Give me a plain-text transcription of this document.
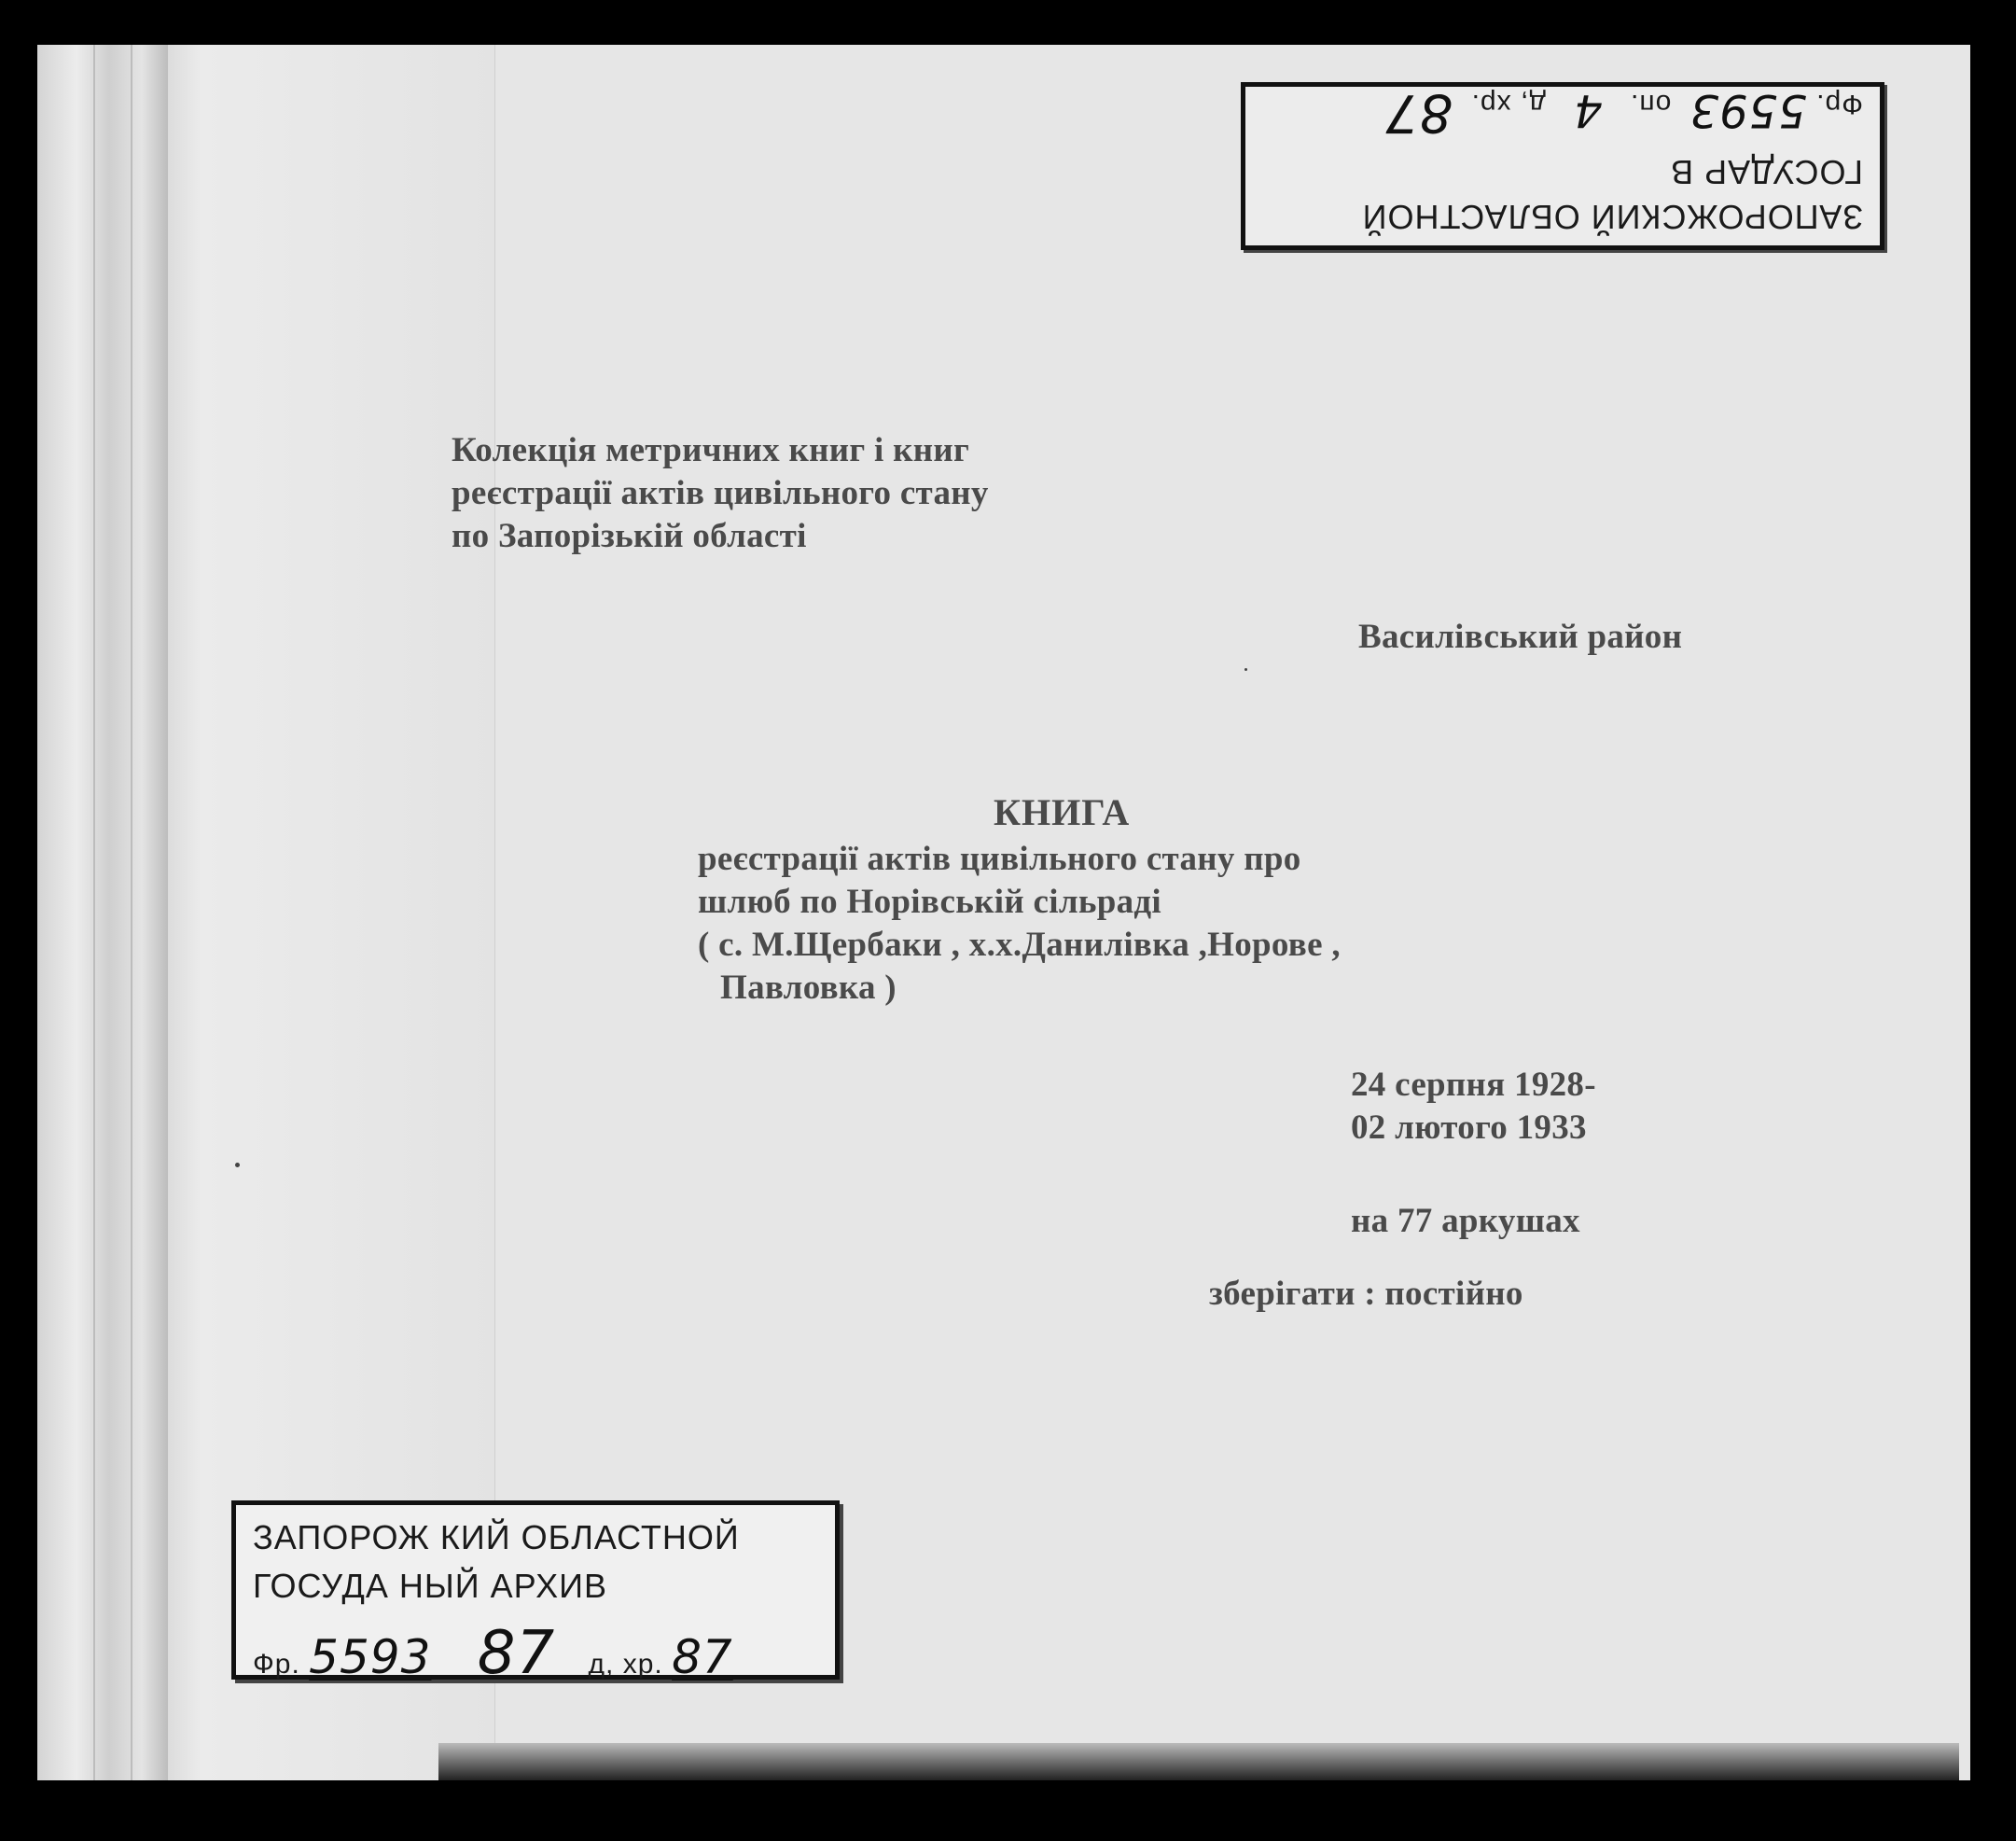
Колекція метричних книг і книг
реєстрації актів цивільного стану
по Запорізькій області
Василівський район
КНИГА
реєстрації актів цивільного стану про
шлюб по Норівській сільраді
( с. М.Щербаки , х.х.Данилівка ,Норове ,
Павловка )
24 серпня 1928-
02 лютого 1933
на 77 аркушах
зберігати : постійно
ЗАПОРОЖСКИЙ ОБЛАСТНОЙ
ГОСУДАР В
Фр. 5593 оп. 4 д, хр. 87
ЗАПОРОЖ КИЙ ОБЛАСТНОЙ
ГОСУДА НЫЙ АРХИВ
Фр. 5593 87 д, хр. 87
